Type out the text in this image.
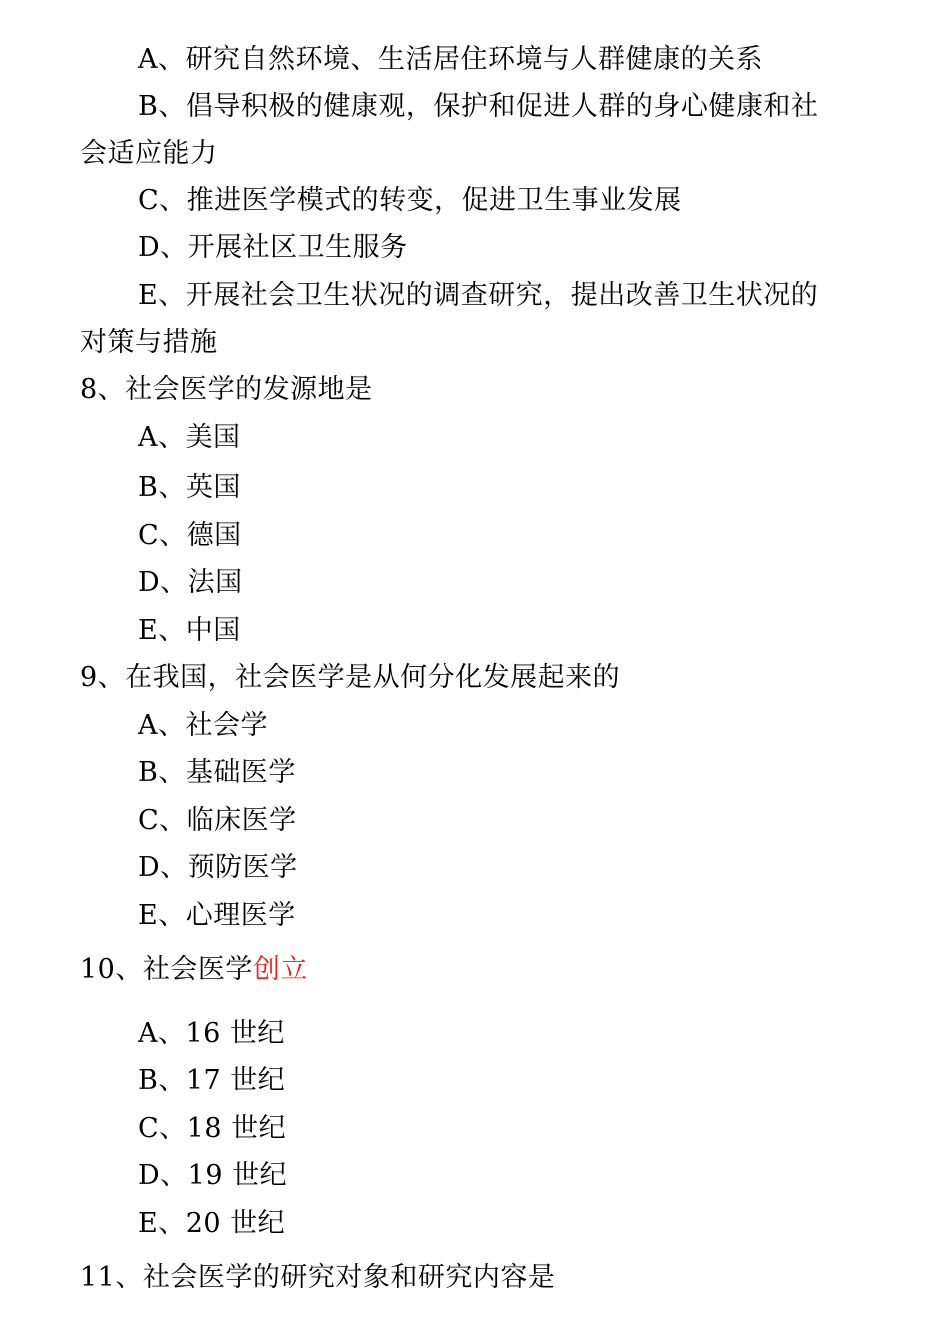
A、研究自然环境、生活居住环境与人群健康的关系
B、倡导积极的健康观，保护和促进人群的身心健康和社
会适应能力
C、推进医学模式的转变，促进卫生事业发展
D、开展社区卫生服务
E、开展社会卫生状况的调查研究，提出改善卫生状况的
对策与措施
8、社会医学的发源地是
A、美国
B、英国
C、德国
D、法国
E、中国
9、在我国，社会医学是从何分化发展起来的
A、社会学
B、基础医学
C、临床医学
D、预防医学
E、心理医学
10、社会医学创立
A、16 世纪
B、17 世纪
C、18 世纪
D、19 世纪
E、20 世纪
11、社会医学的研究对象和研究内容是
